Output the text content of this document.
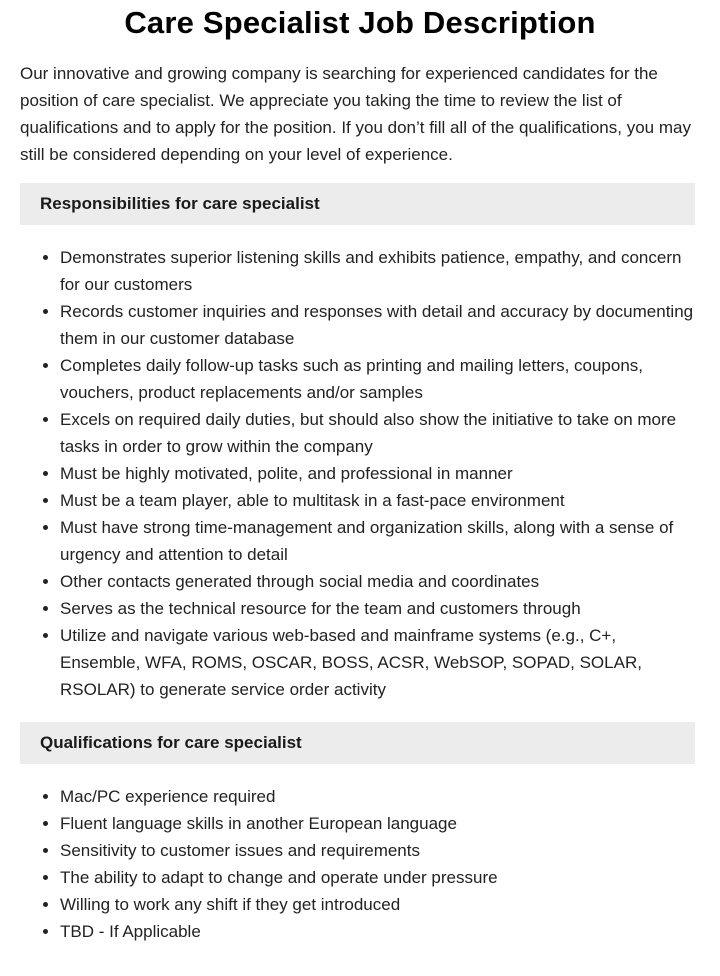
Care Specialist Job Description

Our innovative and growing company is searching for experienced candidates for the position of care specialist. We appreciate you taking the time to review the list of qualifications and to apply for the position. If you don’t fill all of the qualifications, you may still be considered depending on your level of experience.

Responsibilities for care specialist
• Demonstrates superior listening skills and exhibits patience, empathy, and concern for our customers
• Records customer inquiries and responses with detail and accuracy by documenting them in our customer database
• Completes daily follow-up tasks such as printing and mailing letters, coupons, vouchers, product replacements and/or samples
• Excels on required daily duties, but should also show the initiative to take on more tasks in order to grow within the company
• Must be highly motivated, polite, and professional in manner
• Must be a team player, able to multitask in a fast-pace environment
• Must have strong time-management and organization skills, along with a sense of urgency and attention to detail
• Other contacts generated through social media and coordinates
• Serves as the technical resource for the team and customers through
• Utilize and navigate various web-based and mainframe systems (e.g., C+, Ensemble, WFA, ROMS, OSCAR, BOSS, ACSR, WebSOP, SOPAD, SOLAR, RSOLAR) to generate service order activity
Qualifications for care specialist
• Mac/PC experience required
• Fluent language skills in another European language
• Sensitivity to customer issues and requirements
• The ability to adapt to change and operate under pressure
• Willing to work any shift if they get introduced
• TBD - If Applicable
